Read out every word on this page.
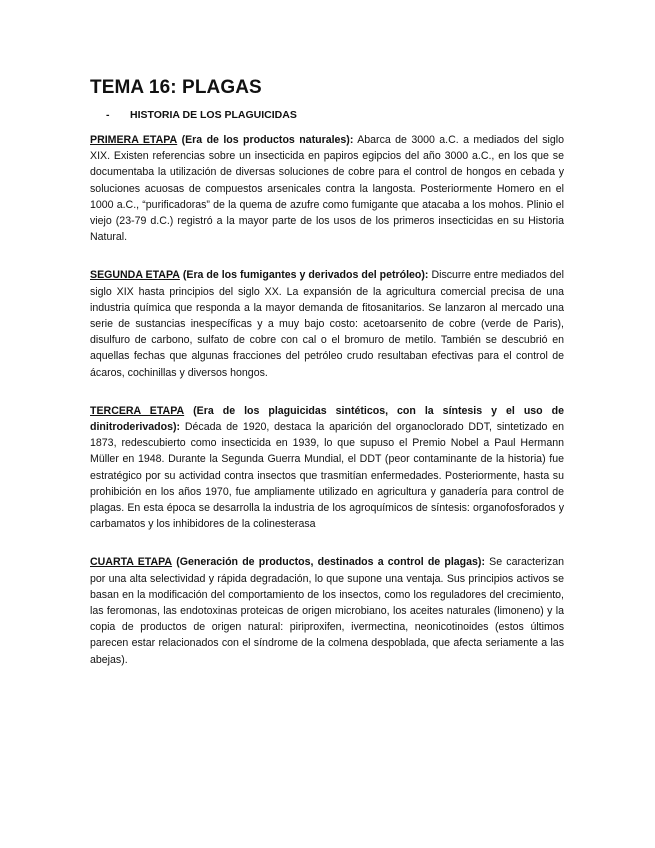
TEMA 16: PLAGAS
-	HISTORIA DE LOS PLAGUICIDAS

PRIMERA ETAPA (Era de los productos naturales): Abarca de 3000 a.C. a mediados del siglo XIX. Existen referencias sobre un insecticida en papiros egipcios del año 3000 a.C., en los que se documentaba la utilización de diversas soluciones de cobre para el control de hongos en cebada y soluciones acuosas de compuestos arsenicales contra la langosta. Posteriormente Homero en el 1000 a.C., “purificadoras” de la quema de azufre como fumigante que atacaba a los mohos. Plinio el viejo (23-79 d.C.) registró a la mayor parte de los usos de los primeros insecticidas en su Historia Natural.

SEGUNDA ETAPA (Era de los fumigantes y derivados del petróleo): Discurre entre mediados del siglo XIX hasta principios del siglo XX. La expansión de la agricultura comercial precisa de una industria química que responda a la mayor demanda de fitosanitarios. Se lanzaron al mercado una serie de sustancias inespecíficas y a muy bajo costo: acetoarsenito de cobre (verde de Paris), disulfuro de carbono, sulfato de cobre con cal o el bromuro de metilo. También se descubrió en aquellas fechas que algunas fracciones del petróleo crudo resultaban efectivas para el control de ácaros, cochinillas y diversos hongos.

TERCERA ETAPA (Era de los plaguicidas sintéticos, con la síntesis y el uso de dinitroderivados): Década de 1920, destaca la aparición del organoclorado DDT, sintetizado en 1873, redescubierto como insecticida en 1939, lo que supuso el Premio Nobel a Paul Hermann Müller en 1948. Durante la Segunda Guerra Mundial, el DDT (peor contaminante de la historia) fue estratégico por su actividad contra insectos que trasmitían enfermedades. Posteriormente, hasta su prohibición en los años 1970, fue ampliamente utilizado en agricultura y ganadería para control de plagas. En esta época se desarrolla la industria de los agroquímicos de síntesis: organofosforados y carbamatos y los inhibidores de la colinesterasa

CUARTA ETAPA (Generación de productos, destinados a control de plagas): Se caracterizan por una alta selectividad y rápida degradación, lo que supone una ventaja. Sus principios activos se basan en la modificación del comportamiento de los insectos, como los reguladores del crecimiento, las feromonas, las endotoxinas proteicas de origen microbiano, los aceites naturales (limoneno) y la copia de productos de origen natural: piriproxifen, ivermectina, neonicotinoides (estos últimos parecen estar relacionados con el síndrome de la colmena despoblada, que afecta seriamente a las abejas).
